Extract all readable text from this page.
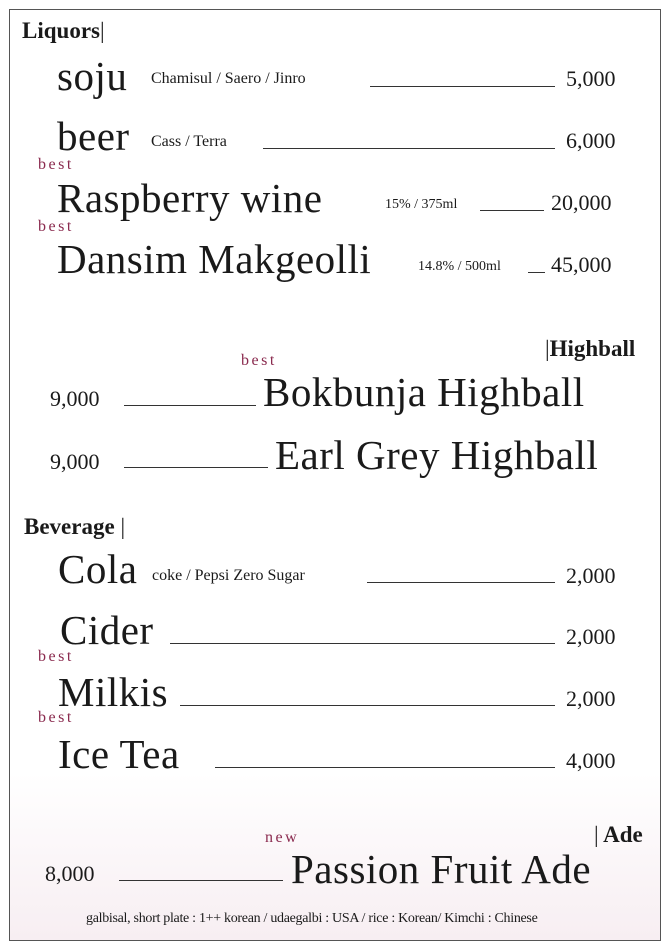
Liquors|
soju Chamisul / Saero / Jinro	5,000
beer Cass / Terra	6,000
best
Raspberry wine	15% / 375ml	20,000
best
Dansim Makgeolli	14.8% / 500ml 45,000
|Highball
best
9,000	Bokbunja Highball
9,000	Earl Grey Highball
Beverage |
Cola coke / Pepsi Zero Sugar	2,000
Cider	2,000
best
Milkis	2,000
best
Ice Tea	4,000
| Ade
new
8,000	Passion Fruit Ade
galbisal, short plate : 1++ korean / udaegalbi : USA / rice : Korean/ Kimchi : Chinese
